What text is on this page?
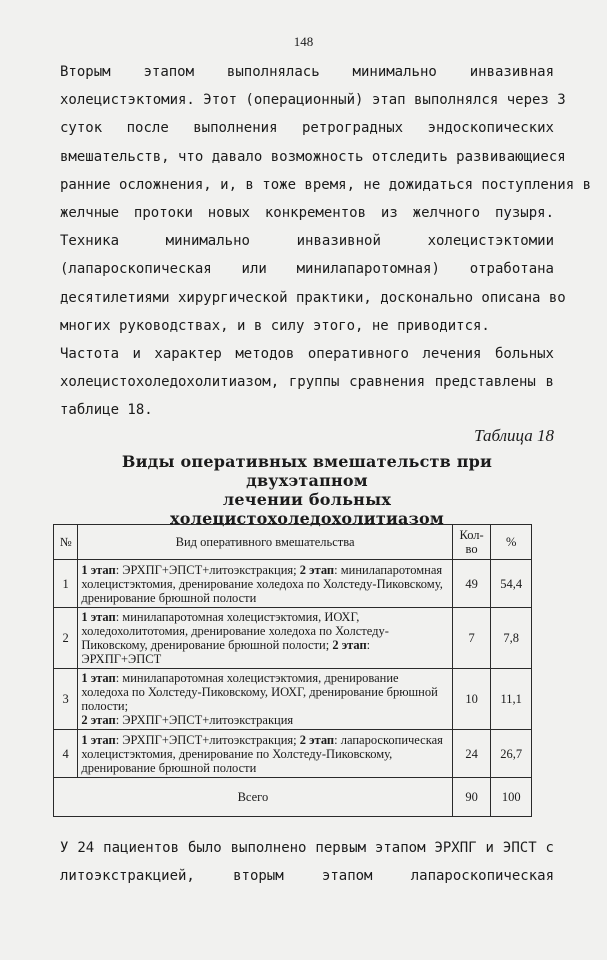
148
Вторым этапом выполнялась минимально инвазивная
холецистэктомия. Этот (операционный) этап выполнялся через 3
суток после выполнения ретроградных эндоскопических
вмешательств, что давало возможность отследить развивающиеся
ранние осложнения, и, в тоже время, не дожидаться поступления в
желчные протоки новых конкрементов из желчного пузыря.
Техника минимально инвазивной холецистэктомии
(лапароскопическая или минилапаротомная) отработана
десятилетиями хирургической практики, досконально описана во
многих руководствах, и в силу этого, не приводится.
Частота и характер методов оперативного лечения больных
холецистохоледохолитиазом, группы сравнения представлены в
таблице 18.
Таблица 18
Виды оперативных вмешательств при двухэтапном
лечении больных
холецистохоледохолитиазом
№	Вид оперативного вмешательства	Кол-во	%
1	1 этап: ЭРХПГ+ЭПСТ+литоэкстракция; 2 этап: минилапаротомная холецистэктомия, дренирование холедоха по Холстеду-Пиковскому, дренирование брюшной полости	49	54,4
2	1 этап: минилапаротомная холецистэктомия, ИОХГ, холедохолитотомия, дренирование холедоха по Холстеду-Пиковскому, дренирование брюшной полости; 2 этап: ЭРХПГ+ЭПСТ	7	7,8
3	1 этап: минилапаротомная холецистэктомия, дренирование холедоха по Холстеду-Пиковскому, ИОХГ, дренирование брюшной полости;
2 этап: ЭРХПГ+ЭПСТ+литоэкстракция	10	11,1
4	1 этап: ЭРХПГ+ЭПСТ+литоэкстракция; 2 этап: лапароскопическая холецистэктомия, дренирование по Холстеду-Пиковскому, дренирование брюшной полости	24	26,7
Всего		90	100
У 24 пациентов было выполнено первым этапом ЭРХПГ и ЭПСТ с
литоэкстракцией, вторым этапом лапароскопическая
